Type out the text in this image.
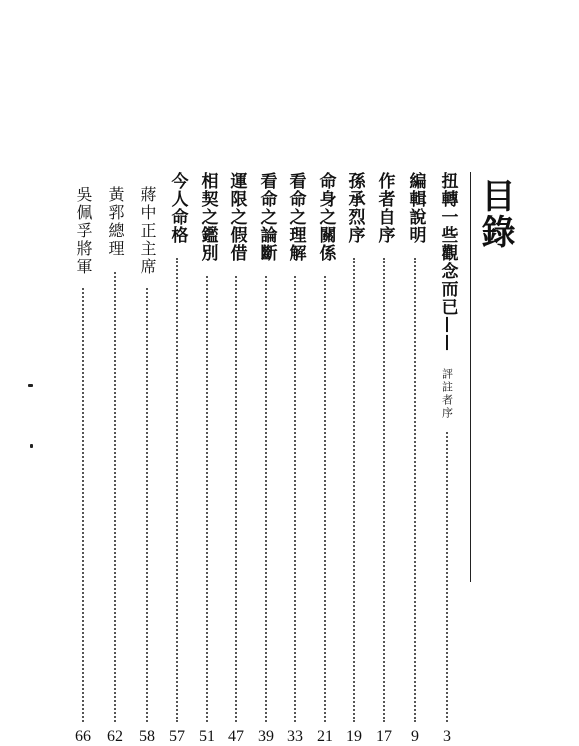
目錄
扭轉一些觀念而已——
評註者序
3
編輯說明
9
作者自序
17
孫承烈序
19
命身之關係
21
看命之理解
33
看命之論斷
39
運限之假借
47
相契之鑑別
51
今人命格
57
蔣中正主席
58
黃郛總理
62
吳佩孚將軍
66
